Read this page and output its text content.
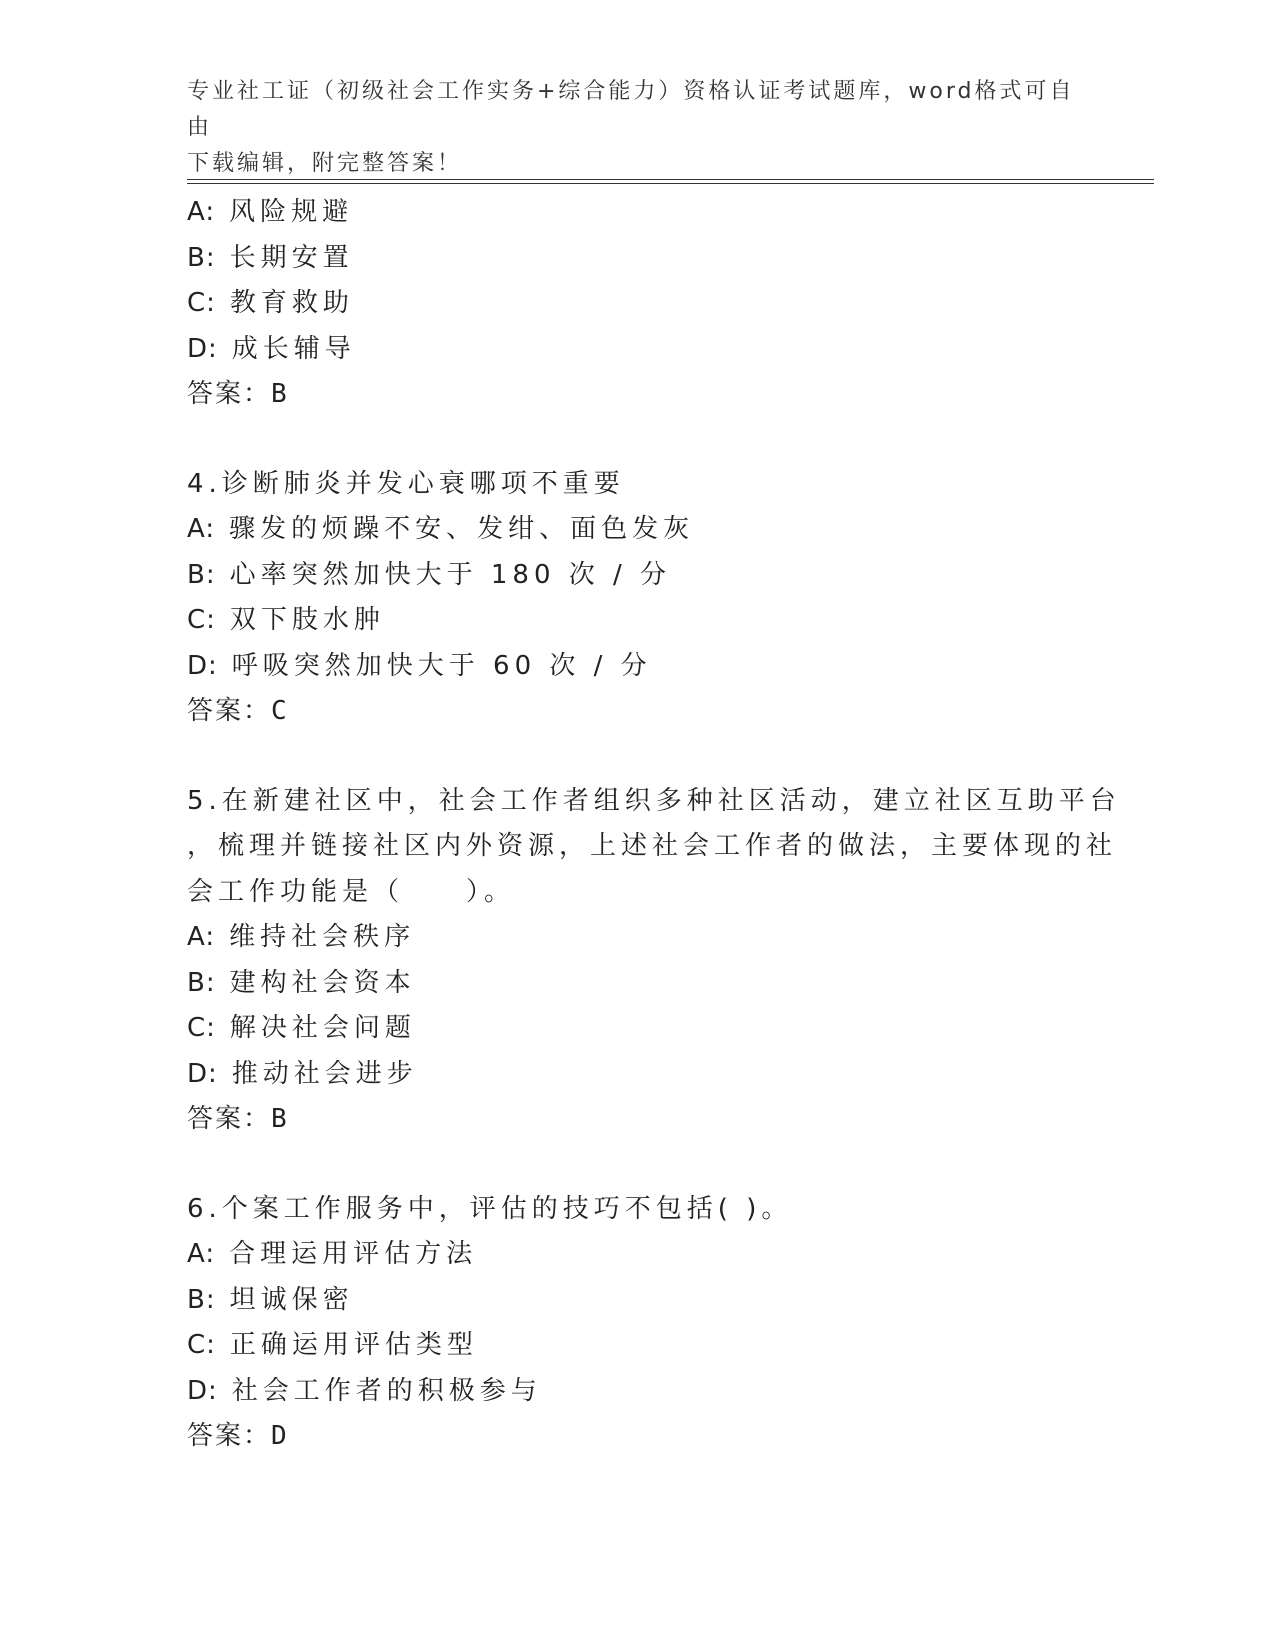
专业社工证（初级社会工作实务+综合能力）资格认证考试题库，word格式可自由
下载编辑，附完整答案！
A: 风险规避
B: 长期安置
C: 教育救助
D: 成长辅导
答案：B
4.诊断肺炎并发心衰哪项不重要
A: 骤发的烦躁不安、发绀、面色发灰
B: 心率突然加快大于 180 次 / 分
C: 双下肢水肿
D: 呼吸突然加快大于 60 次 / 分
答案：C
5.在新建社区中，社会工作者组织多种社区活动，建立社区互助平台
，梳理并链接社区内外资源，上述社会工作者的做法，主要体现的社
会工作功能是（　　）。
A: 维持社会秩序
B: 建构社会资本
C: 解决社会问题
D: 推动社会进步
答案：B
6.个案工作服务中，评估的技巧不包括( )。
A: 合理运用评估方法
B: 坦诚保密
C: 正确运用评估类型
D: 社会工作者的积极参与
答案：D
